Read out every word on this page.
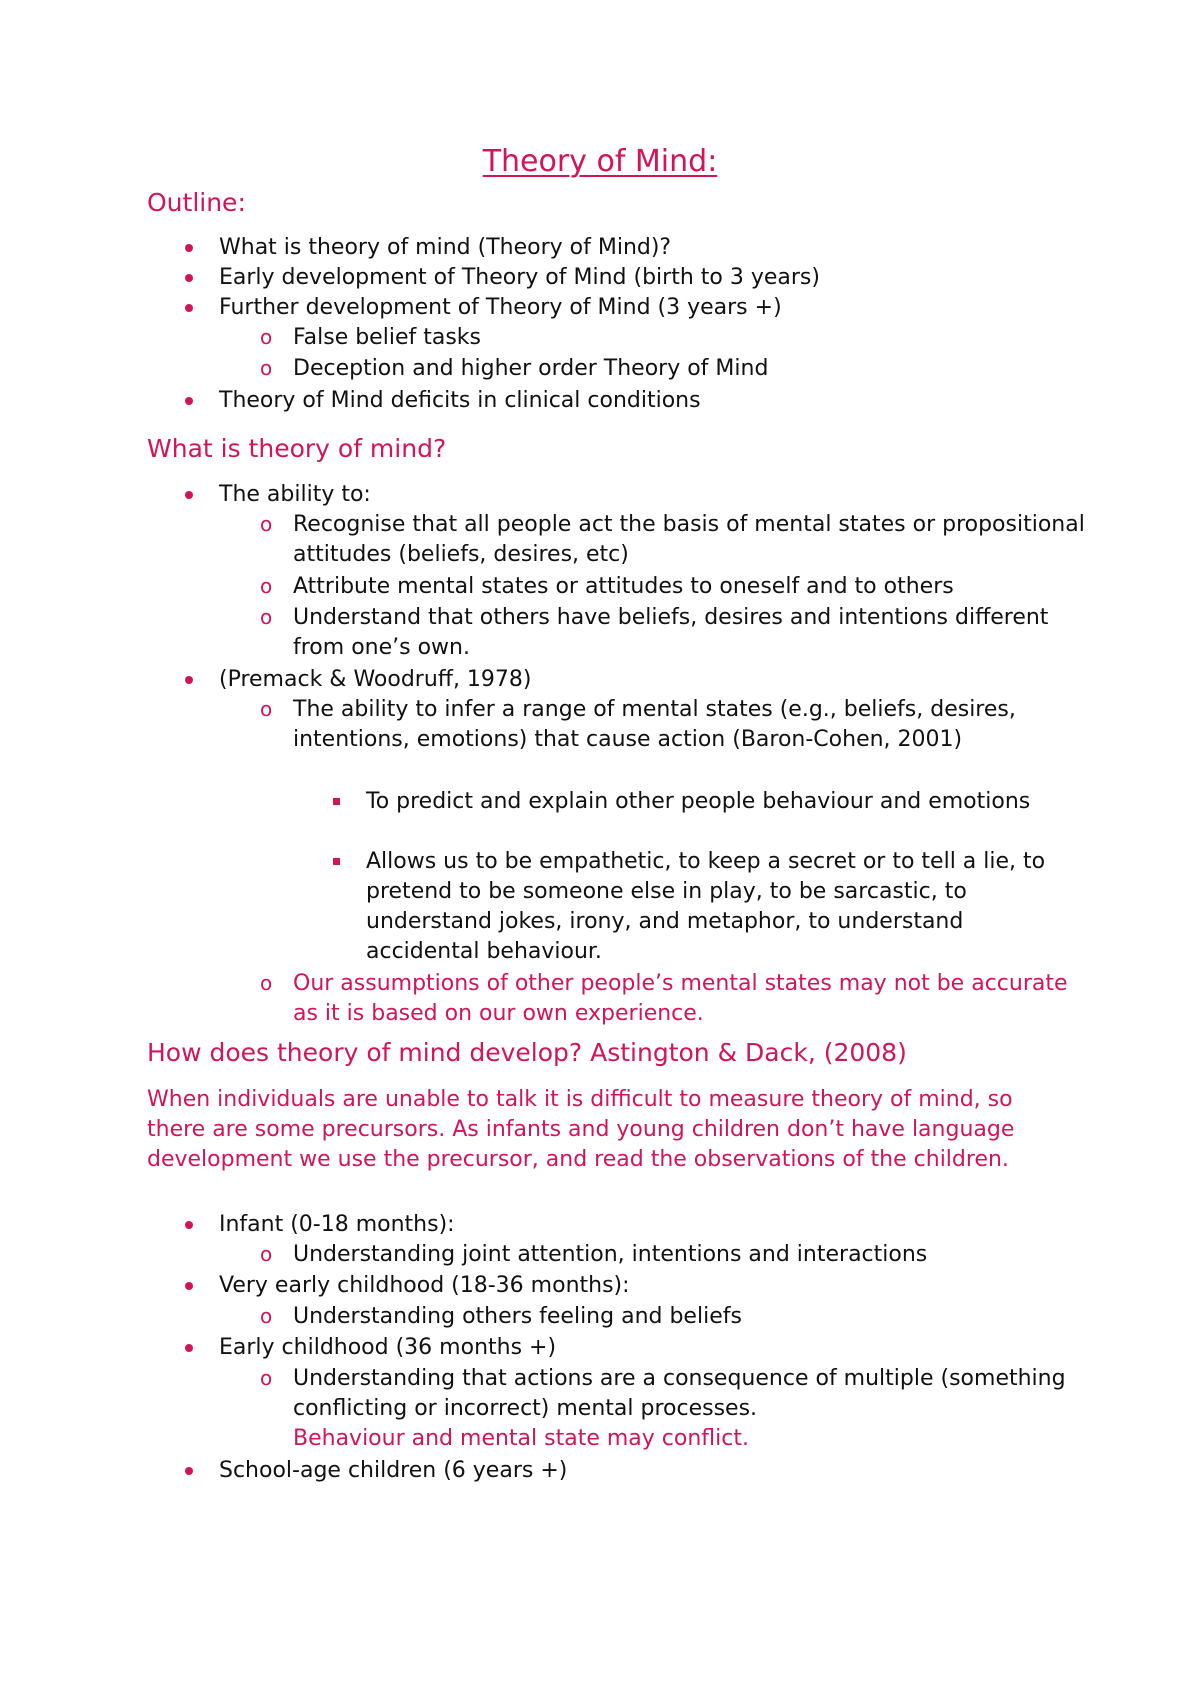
Theory of Mind:
Outline:
What is theory of mind (Theory of Mind)?
Early development of Theory of Mind (birth to 3 years)
Further development of Theory of Mind (3 years +)
o False belief tasks
o Deception and higher order Theory of Mind
Theory of Mind deficits in clinical conditions
What is theory of mind?
The ability to:
o Recognise that all people act the basis of mental states or propositional attitudes (beliefs, desires, etc)
o Attribute mental states or attitudes to oneself and to others
o Understand that others have beliefs, desires and intentions different from one’s own.
(Premack & Woodruff, 1978)
o The ability to infer a range of mental states (e.g., beliefs, desires, intentions, emotions) that cause action (Baron-Cohen, 2001)
To predict and explain other people behaviour and emotions
Allows us to be empathetic, to keep a secret or to tell a lie, to pretend to be someone else in play, to be sarcastic, to understand jokes, irony, and metaphor, to understand accidental behaviour.
o Our assumptions of other people’s mental states may not be accurate as it is based on our own experience.
How does theory of mind develop? Astington & Dack, (2008)
When individuals are unable to talk it is difficult to measure theory of mind, so there are some precursors. As infants and young children don’t have language development we use the precursor, and read the observations of the children.
Infant (0-18 months):
o Understanding joint attention, intentions and interactions
Very early childhood (18-36 months):
o Understanding others feeling and beliefs
Early childhood (36 months +)
o Understanding that actions are a consequence of multiple (something conflicting or incorrect) mental processes.
Behaviour and mental state may conflict.
School-age children (6 years +)
